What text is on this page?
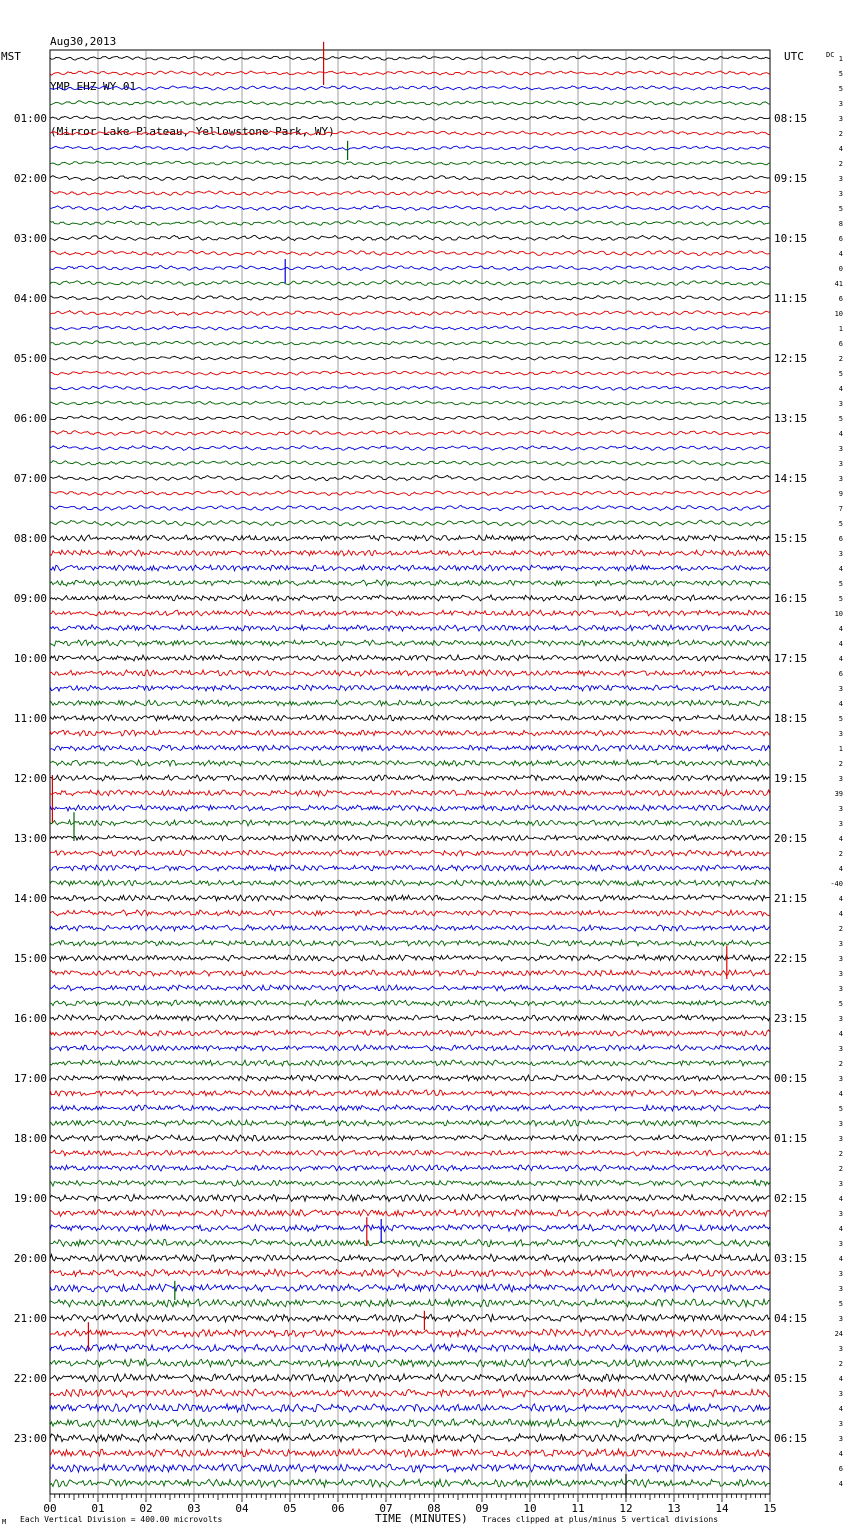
Aug30,2013

YMP EHZ WY 01

(Mirror Lake Plateau, Yellowstone Park, WY)

MST	UTC	1
5
5
3
3
2
4
2
3
3
5
8
6
4
0
41
6
10
1
6
2
5
4
3
5
4
3
3
3
9
7
5
6
3
4
5
5
10
4
4
4
6
3
4
5
3
1
2
3
39
3
3
4
2
4
-40
4
4
2
3
3
3
3
5
3
4
3
2
3
4
5
3
3
2
2
3
4
3
4
3
4
3
3
5
3
24
3
2
4
3
4
3
3
4
6
4
DC
01:00
02:00
03:00
04:00
05:00
06:00
07:00
08:00
09:00
10:00
11:00
12:00
13:00
14:00
15:00
16:00
17:00
18:00
19:00
20:00
21:00
22:00
23:00
08:15
09:15
10:15
11:15
12:15
13:15
14:15
15:15
16:15
17:15
18:15
19:15
20:15
21:15
22:15
23:15
00:15
01:15
02:15
03:15
04:15
05:15
06:15
00	01	02	03	04	05	06	07	08	09	10	11	12	13	14	15
M Each Vertical Division = 400.00 microvolts	TIME (MINUTES) Traces clipped at plus/minus 5 vertical divisions
